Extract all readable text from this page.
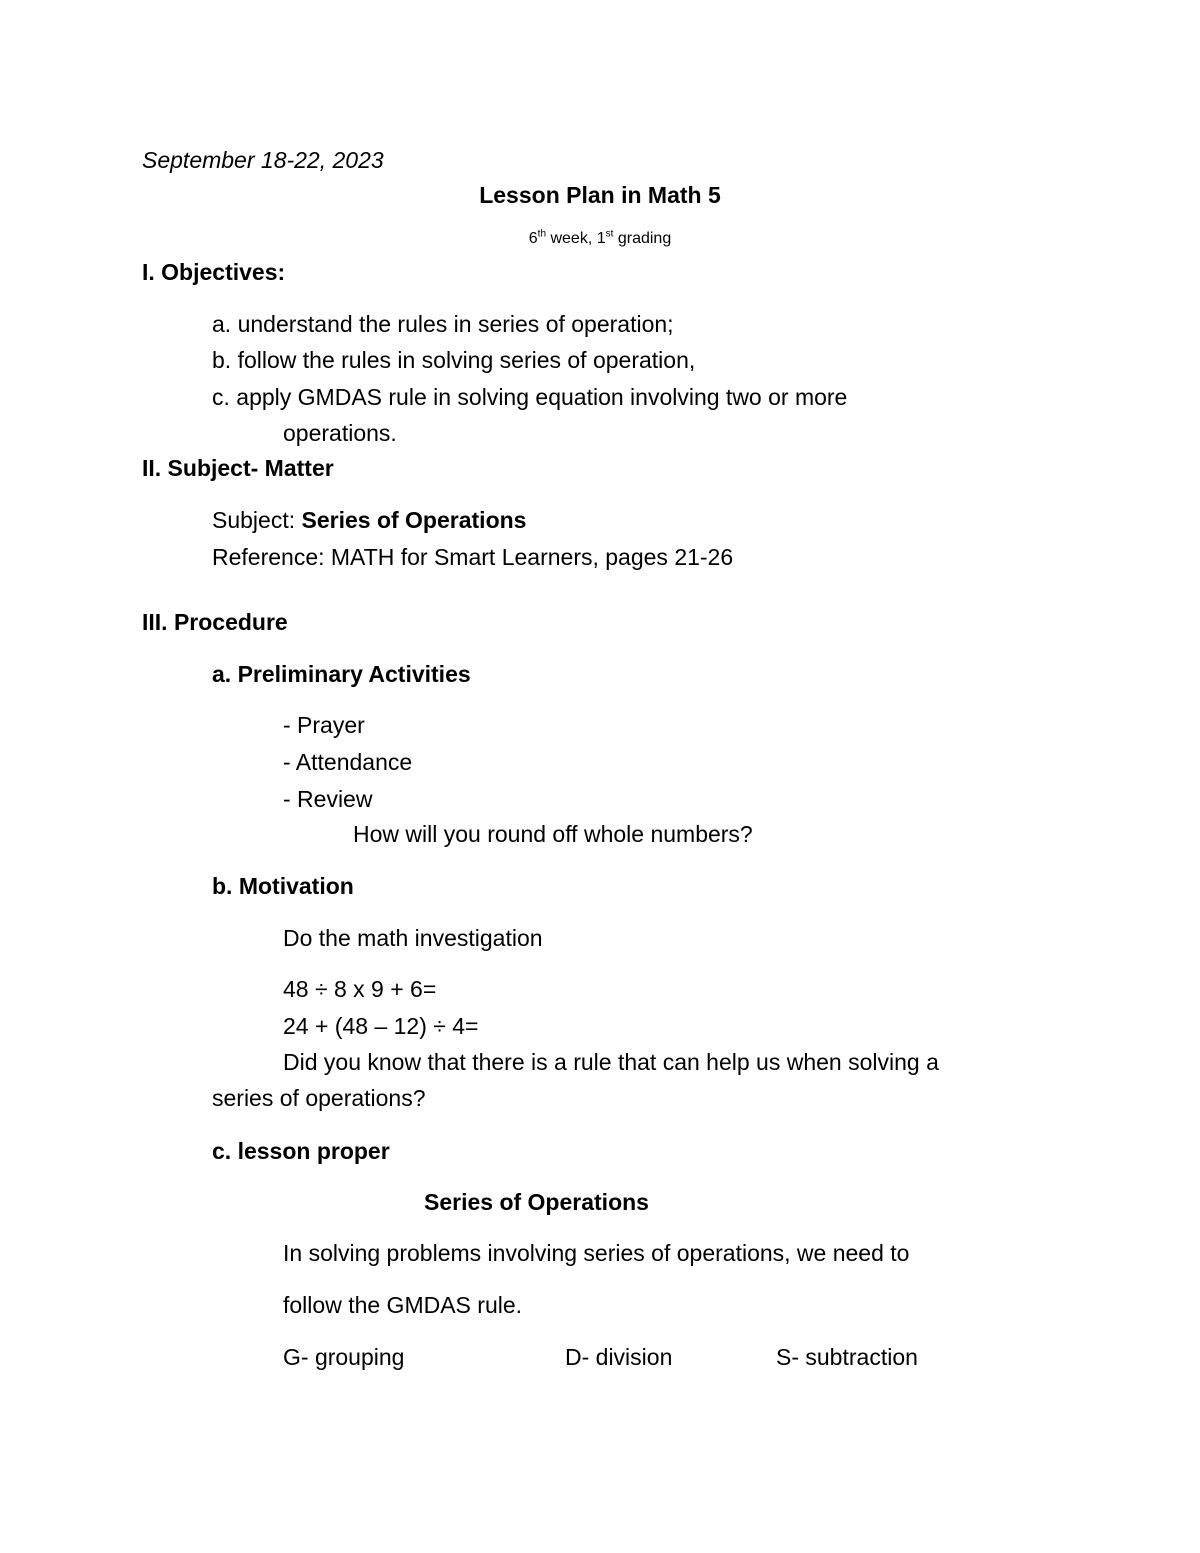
September 18-22, 2023
Lesson Plan in Math 5
6th week, 1st grading
I. Objectives:
a. understand the rules in series of operation;
b. follow the rules in solving series of operation,
c. apply GMDAS rule in solving equation involving two or more
operations.
II. Subject- Matter
Subject: Series of Operations
Reference: MATH for Smart Learners, pages 21-26
III. Procedure
a. Preliminary Activities
- Prayer
- Attendance
- Review
How will you round off whole numbers?
b. Motivation
Do the math investigation
48 ÷ 8 x 9 + 6=
24 + (48 – 12) ÷ 4=
Did you know that there is a rule that can help us when solving a
series of operations?
c. lesson proper
Series of Operations
In solving problems involving series of operations, we need to
follow the GMDAS rule.
G- grouping	D- division	S- subtraction
